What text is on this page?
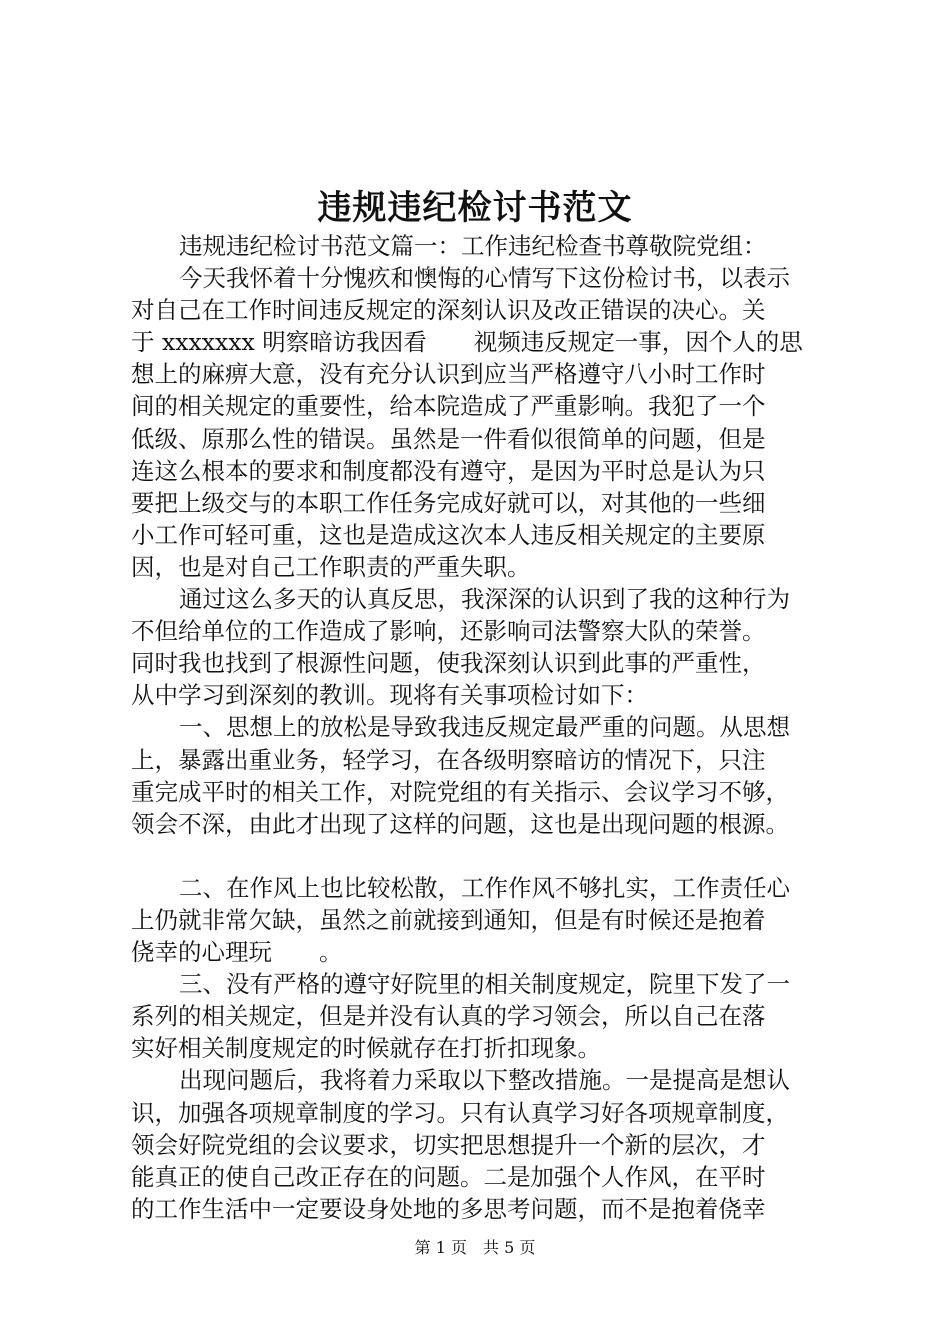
违规违纪检讨书范文
违规违纪检讨书范文篇一：工作违纪检查书尊敬院党组：
今天我怀着十分愧疚和懊悔的心情写下这份检讨书，以表示
对自己在工作时间违反规定的深刻认识及改正错误的决心。关
于 xxxxxxx 明察暗访我因看　　视频违反规定一事，因个人的思
想上的麻痹大意，没有充分认识到应当严格遵守八小时工作时
间的相关规定的重要性，给本院造成了严重影响。我犯了一个
低级、原那么性的错误。虽然是一件看似很简单的问题，但是
连这么根本的要求和制度都没有遵守，是因为平时总是认为只
要把上级交与的本职工作任务完成好就可以，对其他的一些细
小工作可轻可重，这也是造成这次本人违反相关规定的主要原
因，也是对自己工作职责的严重失职。
通过这么多天的认真反思，我深深的认识到了我的这种行为
不但给单位的工作造成了影响，还影响司法警察大队的荣誉。
同时我也找到了根源性问题，使我深刻认识到此事的严重性，
从中学习到深刻的教训。现将有关事项检讨如下：
一、思想上的放松是导致我违反规定最严重的问题。从思想
上，暴露出重业务，轻学习，在各级明察暗访的情况下，只注
重完成平时的相关工作，对院党组的有关指示、会议学习不够，
领会不深，由此才出现了这样的问题，这也是出现问题的根源。
二、在作风上也比较松散，工作作风不够扎实，工作责任心
上仍就非常欠缺，虽然之前就接到通知，但是有时候还是抱着
侥幸的心理玩　　。
三、没有严格的遵守好院里的相关制度规定，院里下发了一
系列的相关规定，但是并没有认真的学习领会，所以自己在落
实好相关制度规定的时候就存在打折扣现象。
出现问题后，我将着力采取以下整改措施。一是提高是想认
识，加强各项规章制度的学习。只有认真学习好各项规章制度，
领会好院党组的会议要求，切实把思想提升一个新的层次，才
能真正的使自己改正存在的问题。二是加强个人作风，在平时
的工作生活中一定要设身处地的多思考问题，而不是抱着侥幸
第 1 页　共 5 页
